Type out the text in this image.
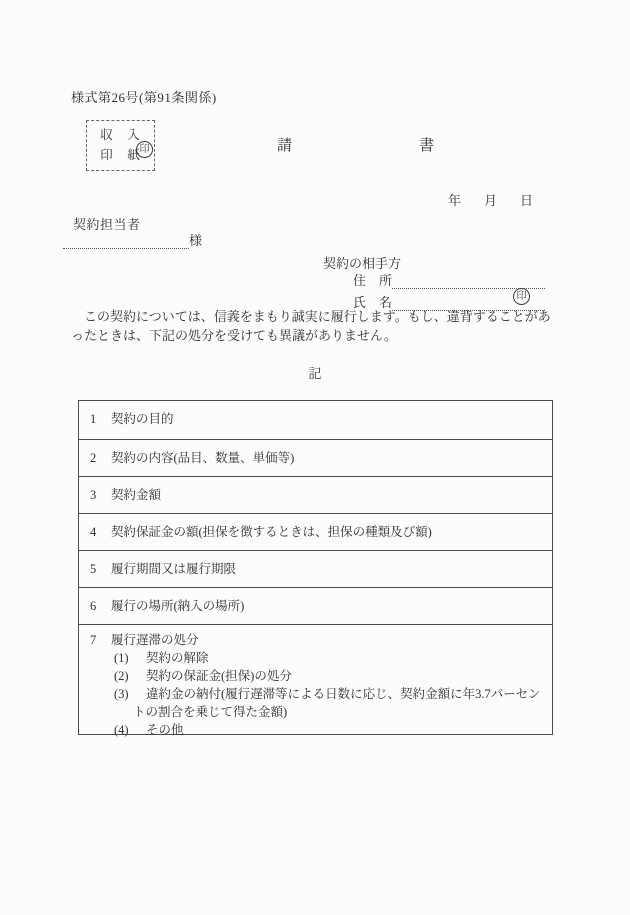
様式第26号(第91条関係)
収　入
印　紙
印	請	書
年 月 日
契約担当者
様
契約の相手方
住　所
氏　名	印
この契約については、信義をまもり誠実に履行します。もし、違背することがあったときは、下記の処分を受けても異議がありません。
記
1	契約の目的
2	契約の内容(品目、数量、単価等)
3	契約金額
4	契約保証金の額(担保を徴するときは、担保の種類及び額)
5	履行期間又は履行期限
6	履行の場所(納入の場所)
7	履行遅滞の処分
(1)	契約の解除
(2)	契約の保証金(担保)の処分
(3)	違約金の納付(履行遅滞等による日数に応じ、契約金額に年3.7パーセントの割合を乗じて得た金額)
(4)	その他
